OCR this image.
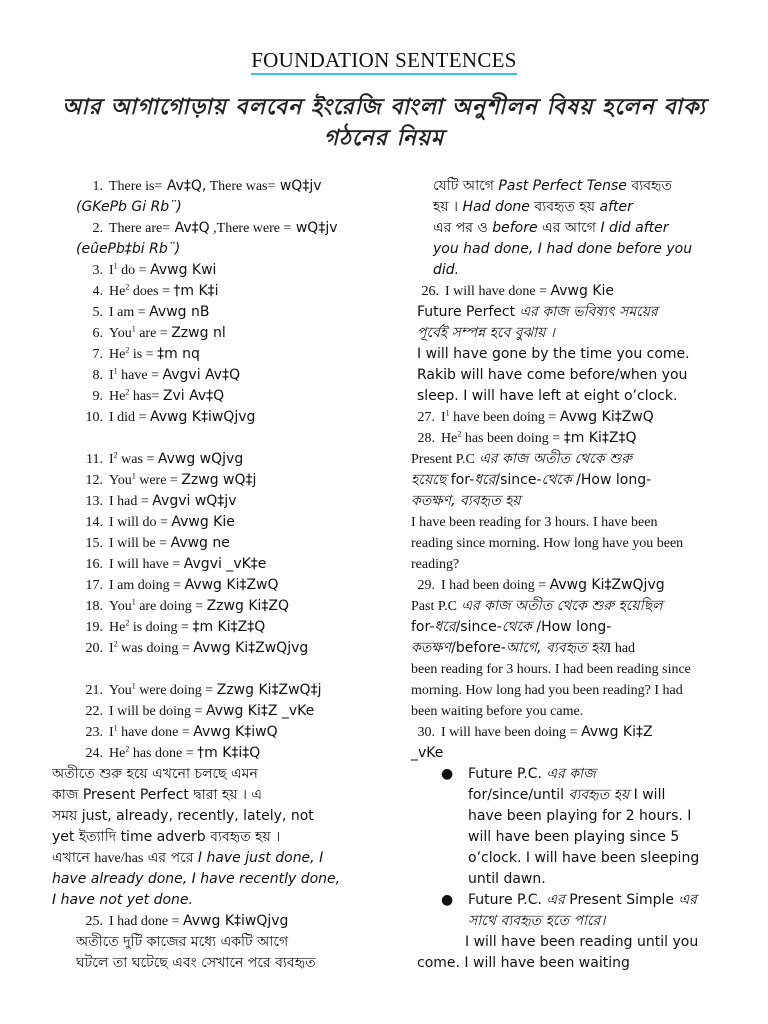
FOUNDATION SENTENCES
আর আগাগোড়ায় বলবেন ইংরেজি বাংলা অনুশীলন বিষয় হলেন বাক্য গঠনের নিয়ম
1. There is= Av‡Q, There was= wQ‡jv
(GKePb Gi Rb¨)
2. There are= Av‡Q ,There were = wQ‡jv
(eûePb‡bi Rb¨)
3. $I^1$ do = Avwg Kwi
4. He$^2$ does = †m K‡i
5. I am = Avwg nB
6. You$^1$ are = Zzwg nl
7. He$^2$ is = ‡m nq
8. $I^1$ have = Avgvi Av‡Q
9. He$^2$ has= Zvi Av‡Q
10. I did = Avwg K‡iwQjvg
11. $I^2$ was = Avwg wQjvg
12. You$^1$ were = Zzwg wQ‡j
13. I had = Avgvi wQ‡jv
14. I will do = Avwg Kie
15. I will be = Avwg ne
16. I will have = Avgvi _vK‡e
17. I am doing = Avwg Ki‡ZwQ
18. You$^1$ are doing = Zzwg Ki‡ZQ
19. He$^2$ is doing = ‡m Ki‡Z‡Q
20. $I^2$ was doing = Avwg Ki‡ZwQjvg
21. You$^1$ were doing = Zzwg Ki‡ZwQ‡j
22. I will be doing = Avwg Ki‡Z _vKe
23. $I^1$ have done = Avwg K‡iwQ
24. He$^2$ has done = †m K‡i‡Q
অতীতে শুরু হয়ে এখনো চলছে এমন
কাজ Present Perfect দ্বারা হয় । এ
সময় just, already, recently, lately, not
yet ইত্যাদি time adverb ব্যবহৃত হয় ।
এখানে have/has এর পরে I have just done, I
have already done, I have recently done,
I have not yet done.
25. I had done = Avwg K‡iwQjvg
অতীতে দুটি কাজের মধ্যে একটি আগে
ঘটলে তা ঘটেছে এবং সেখানে পরে ব্যবহৃত
যেটি আগে Past Perfect Tense ব্যবহৃত
হয় । Had done ব্যবহৃত হয় after
এর পর ও before এর আগে I did after
you had done, I had done before you
did.
26. I will have done = Avwg Kie
Future Perfect এর কাজ ভবিষ্যৎ সময়ের
পূর্বেই সম্পন্ন হবে বুঝায় ।
I will have gone by the time you come.
Rakib will have come before/when you
sleep. I will have left at eight o’clock.
27. $I^1$ have been doing = Avwg Ki‡ZwQ
28. He$^2$ has been doing = ‡m Ki‡Z‡Q
Present P.C এর কাজ অতীত থেকে শুরু
হয়েছে for-ধরে/since-থেকে /How long-
কতক্ষণ, ব্যবহৃত হয়
I have been reading for 3 hours. I have been
reading since morning. How long have you been
reading?
29. I had been doing = Avwg Ki‡ZwQjvg
Past P.C এর কাজ অতীত থেকে শুরু হয়েছিল
for-ধরে/since-থেকে /How long-
কতক্ষণ/before-আগে, ব্যবহৃত হয়I had
been reading for 3 hours. I had been reading since
morning. How long had you been reading? I had
been waiting before you came.
30. I will have been doing = Avwg Ki‡Z
_vKe
● Future P.C. এর কাজ
for/since/until ব্যবহৃত হয় I will
have been playing for 2 hours. I
will have been playing since 5
o’clock. I will have been sleeping
until dawn.
● Future P.C. এর Present Simple এর
সাথে ব্যবহৃত হতে পারে।
I will have been reading until you
come. I will have been waiting
